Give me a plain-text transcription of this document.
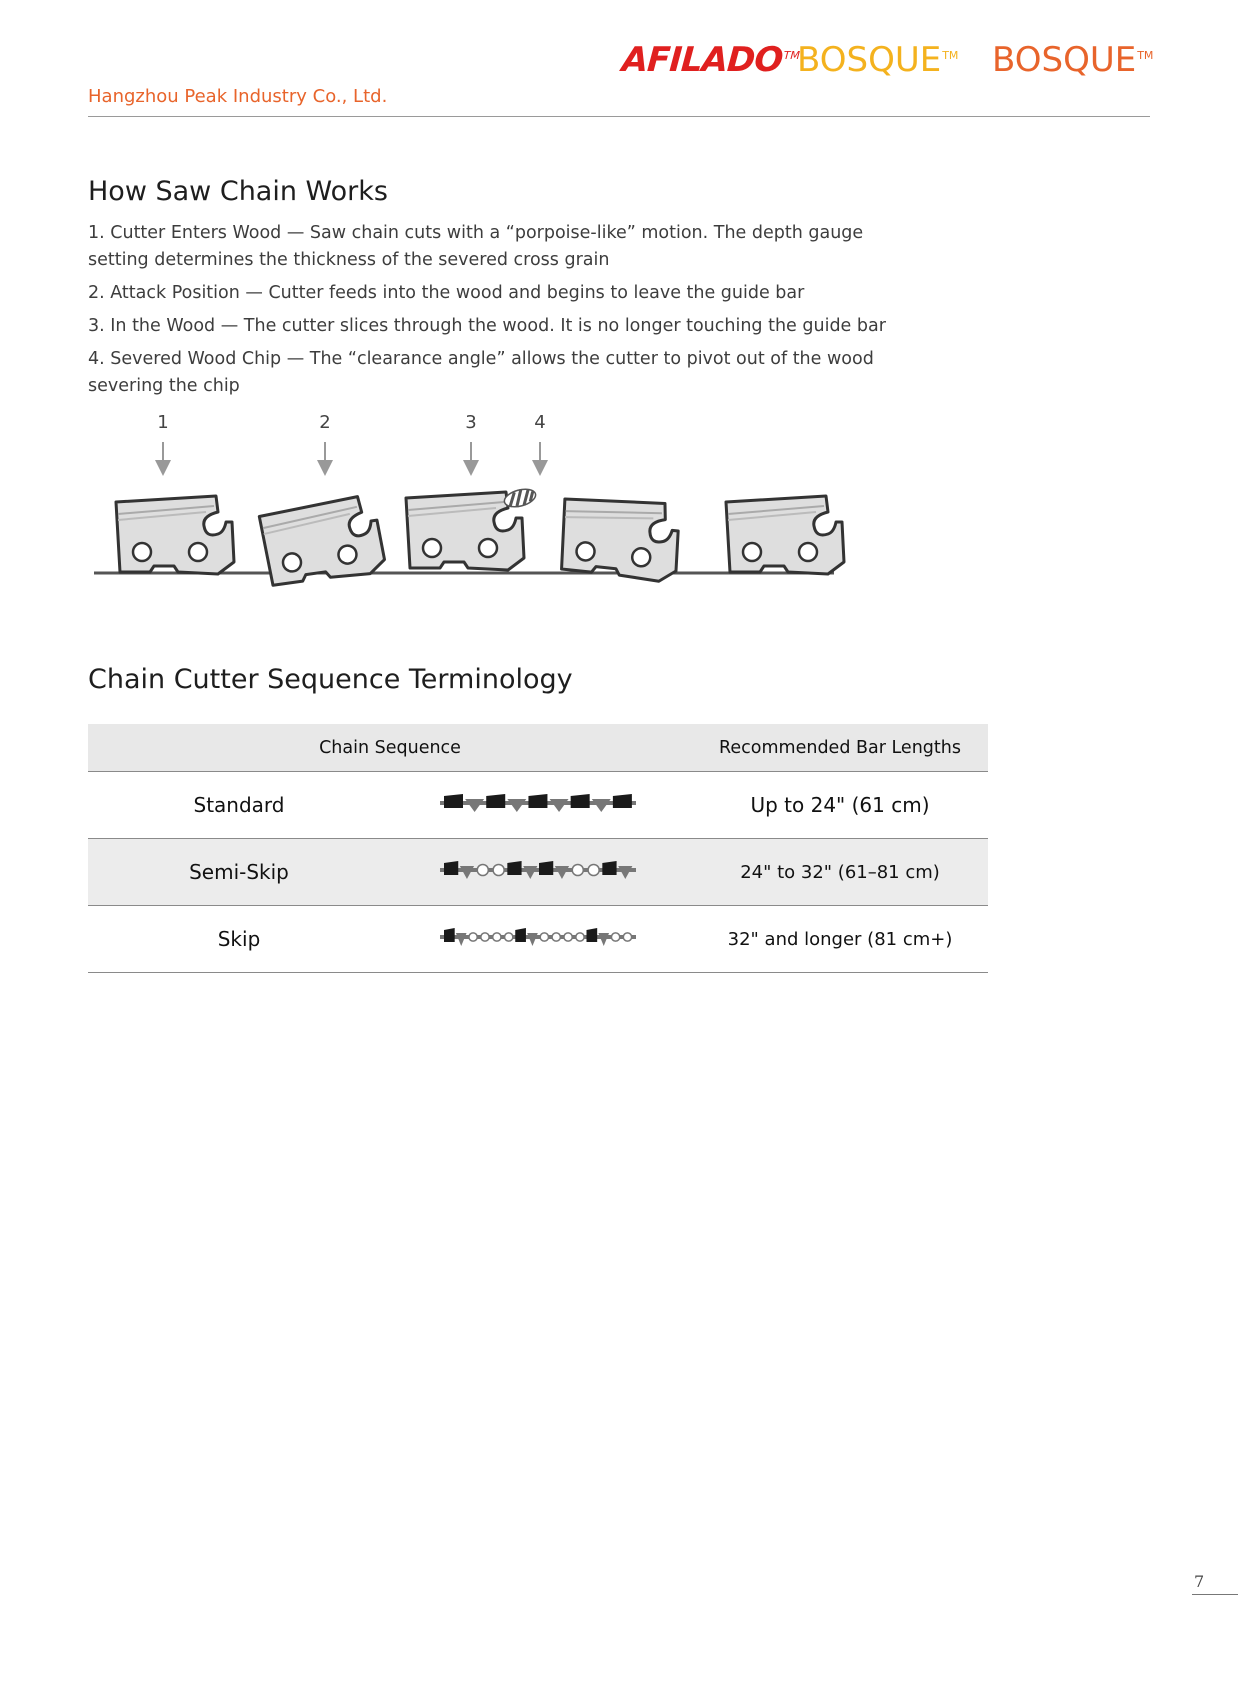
AFILADO™
BOSQUE™ BOSQUE™
Hangzhou Peak Industry Co., Ltd.
How Saw Chain Works
1. Cutter Enters Wood — Saw chain cuts with a “porpoise-like” motion. The depth gauge setting determines the thickness of the severed cross grain
2. Attack Position — Cutter feeds into the wood and begins to leave the guide bar
3. In the Wood — The cutter slices through the wood. It is no longer touching the guide bar
4. Severed Wood Chip — The “clearance angle” allows the cutter to pivot out of the wood severing the chip
1	2	3	4
Chain Cutter Sequence Terminology
Chain Sequence		Recommended Bar Lengths
Standard		Up to 24" (61 cm)
Semi-Skip		24" to 32" (61–81 cm)
Skip		32" and longer (81 cm+)
7
